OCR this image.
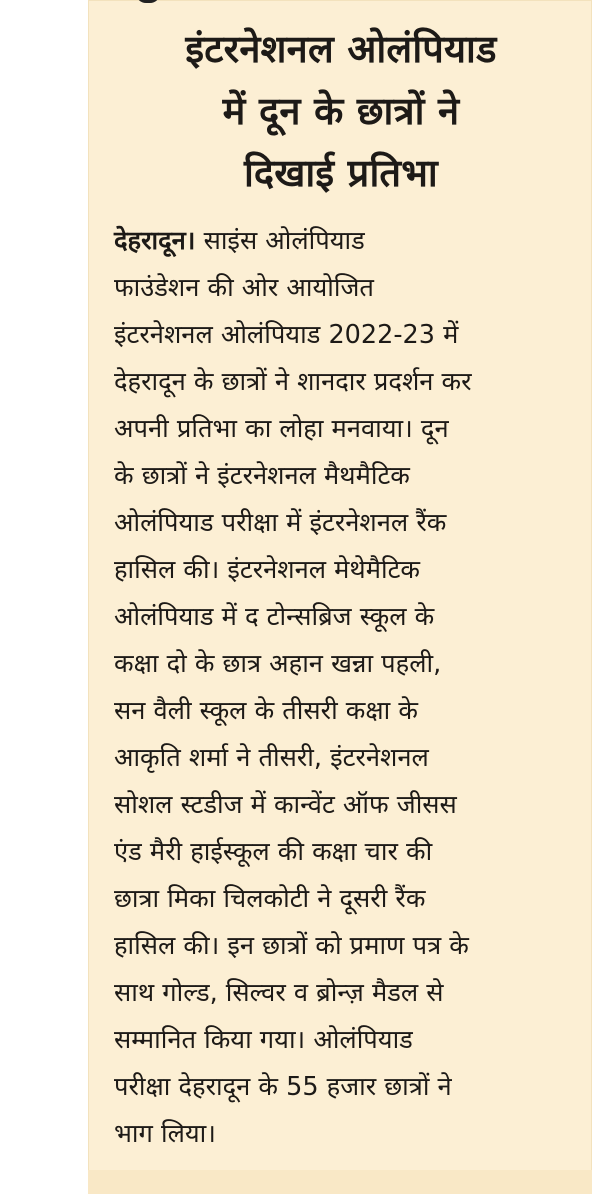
इंटरनेशनल ओलंपियाड
में दून के छात्रों ने
दिखाई प्रतिभा
देहरादून। साइंस ओलंपियाड
फाउंडेशन की ओर आयोजित
इंटरनेशनल ओलंपियाड 2022-23 में
देहरादून के छात्रों ने शानदार प्रदर्शन कर
अपनी प्रतिभा का लोहा मनवाया। दून
के छात्रों ने इंटरनेशनल मैथमैटिक
ओलंपियाड परीक्षा में इंटरनेशनल रैंक
हासिल की। इंटरनेशनल मेथेमैटिक
ओलंपियाड में द टोन्सब्रिज स्कूल के
कक्षा दो के छात्र अहान खन्ना पहली,
सन वैली स्कूल के तीसरी कक्षा के
आकृति शर्मा ने तीसरी, इंटरनेशनल
सोशल स्टडीज में कान्वेंट ऑफ जीसस
एंड मैरी हाईस्कूल की कक्षा चार की
छात्रा मिका चिलकोटी ने दूसरी रैंक
हासिल की। इन छात्रों को प्रमाण पत्र के
साथ गोल्ड, सिल्वर व ब्रोन्ज़ मैडल से
सम्मानित किया गया। ओलंपियाड
परीक्षा देहरादून के 55 हजार छात्रों ने
भाग लिया।
